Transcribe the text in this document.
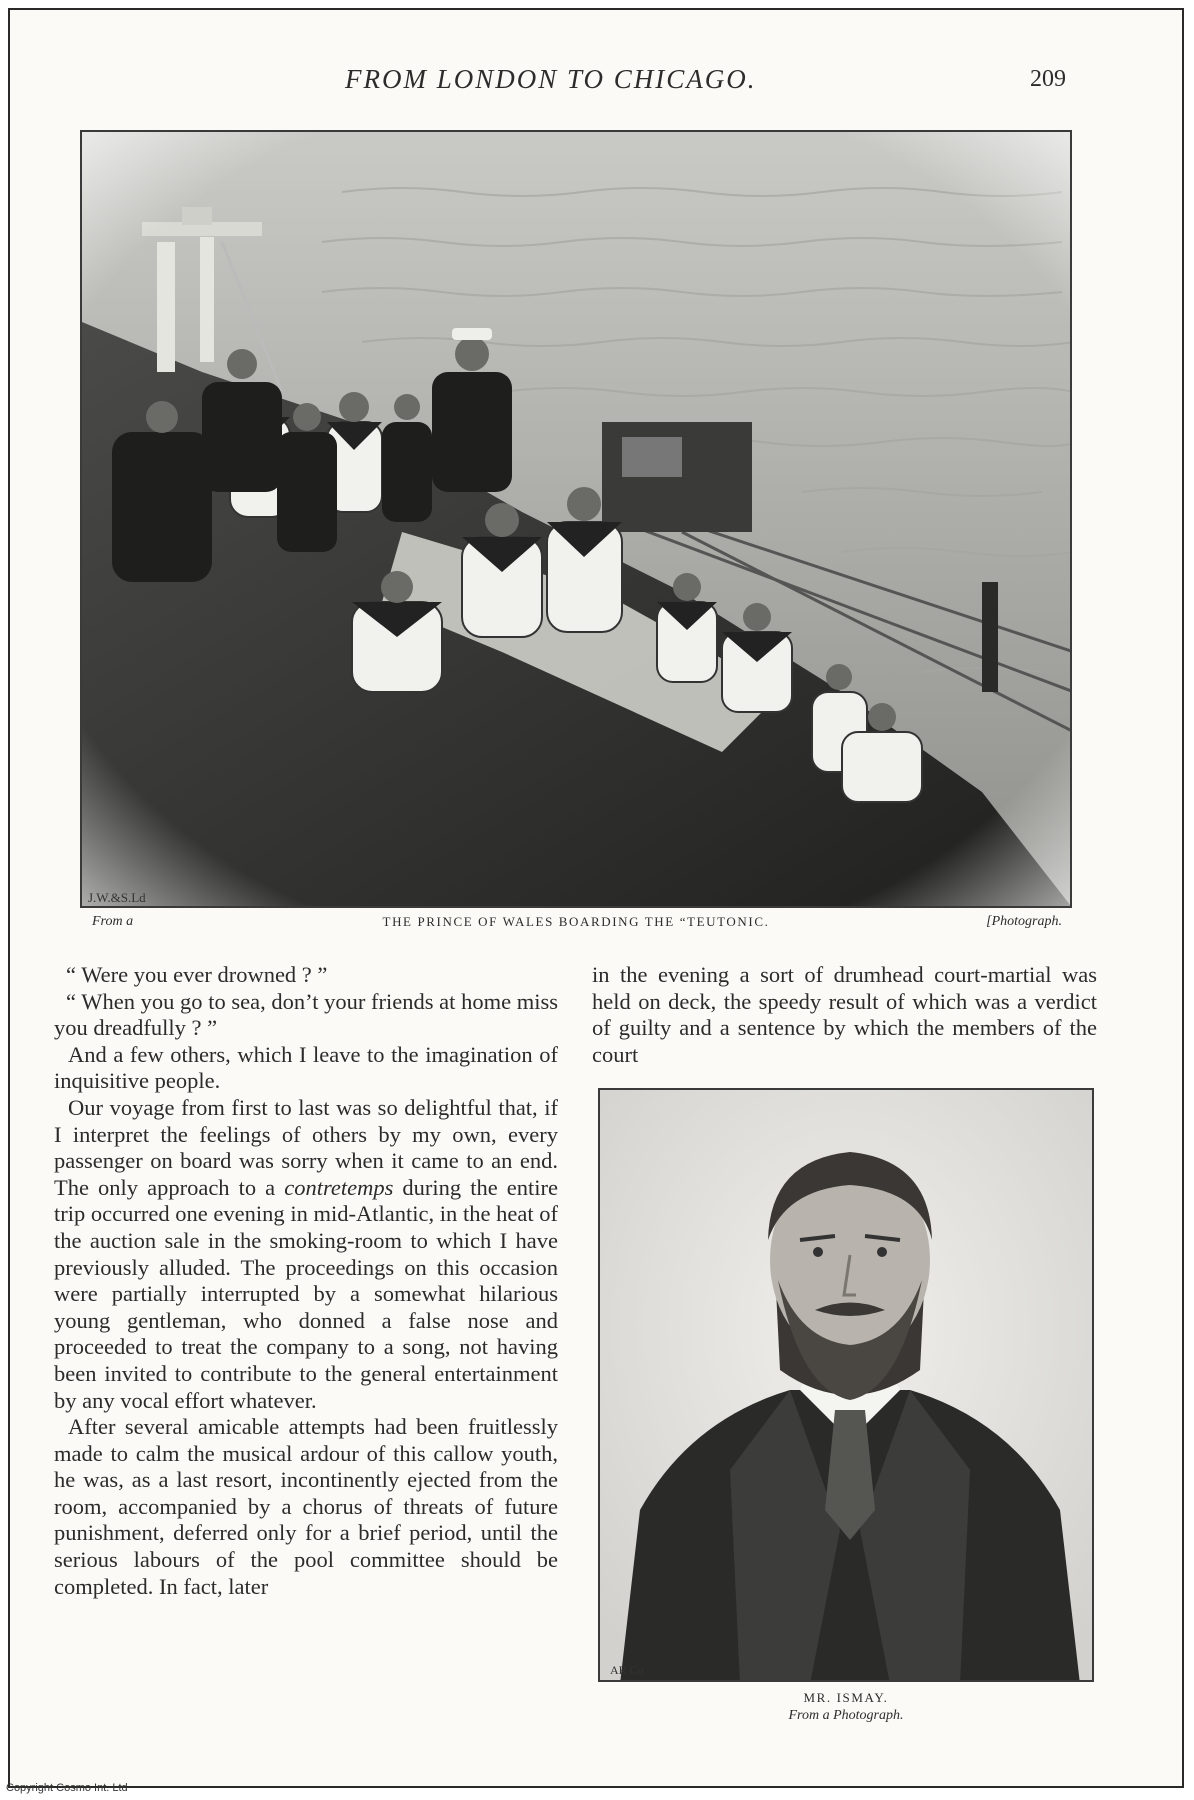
FROM LONDON TO CHICAGO.	209
J.W.&S.Ld
From a	THE PRINCE OF WALES BOARDING THE “TEUTONIC.	[Photograph.

“ Were you ever drowned ? ”

“ When you go to sea, don’t your friends at home miss you dreadfully ? ”

And a few others, which I leave to the imagination of inquisitive people.

Our voyage from first to last was so delightful that, if I interpret the feelings of others by my own, every passenger on board was sorry when it came to an end. The only approach to a contretemps during the entire trip occurred one evening in mid-Atlantic, in the heat of the auction sale in the smoking-room to which I have previously alluded. The proceedings on this occasion were partially interrupted by a somewhat hilarious young gentleman, who donned a false nose and proceeded to treat the company to a song, not having been invited to contribute to the general entertainment by any vocal effort whatever.

After several amicable attempts had been fruitlessly made to calm the musical ardour of this callow youth, he was, as a last resort, incontinently ejected from the room, accompanied by a chorus of threats of future punishment, deferred only for a brief period, until the serious labours of the pool committee should be completed. In fact, later

in the evening a sort of drumhead court-martial was held on deck, the speedy result of which was a verdict of guilty and a sentence by which the members of the court

AR Co
MR. ISMAY.
From a Photograph.
Copyright Cosmo Int. Ltd
